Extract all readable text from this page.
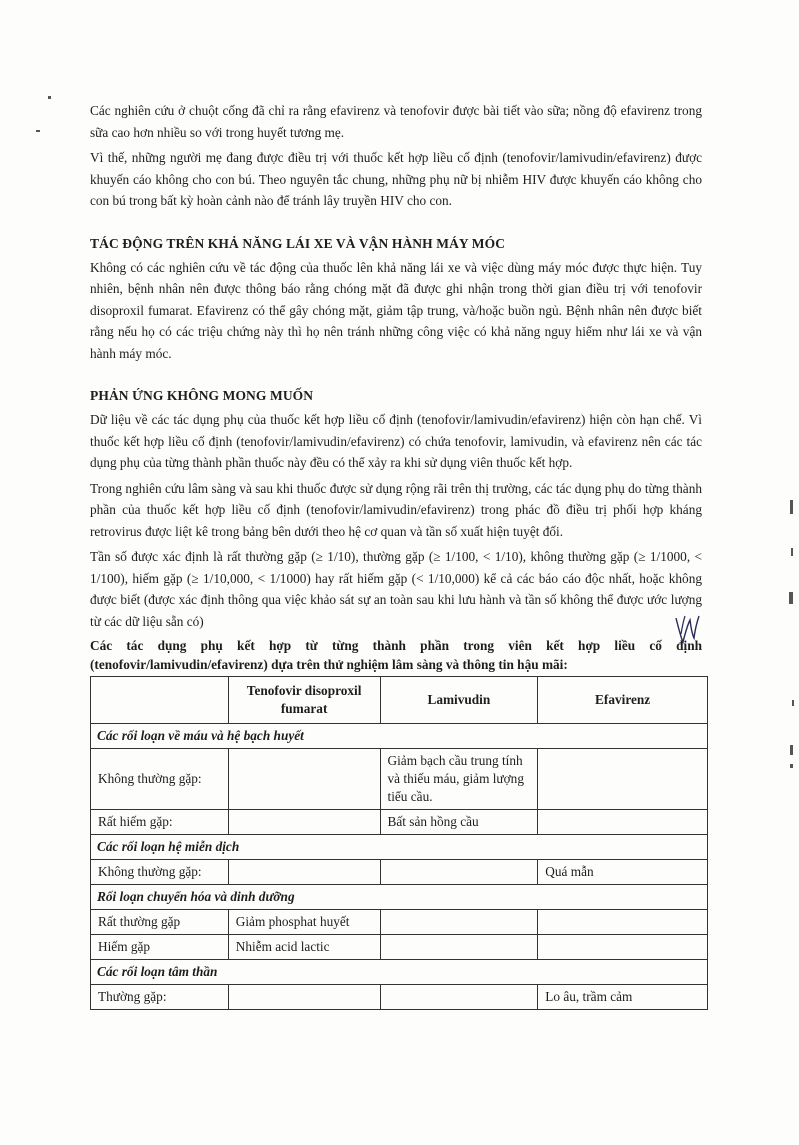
Các nghiên cứu ở chuột cống đã chỉ ra rằng efavirenz và tenofovir được bài tiết vào sữa; nồng độ efavirenz trong sữa cao hơn nhiều so với trong huyết tương mẹ.

Vì thế, những người mẹ đang được điều trị với thuốc kết hợp liều cố định (tenofovir/lamivudin/efavirenz) được khuyến cáo không cho con bú. Theo nguyên tắc chung, những phụ nữ bị nhiễm HIV được khuyến cáo không cho con bú trong bất kỳ hoàn cảnh nào để tránh lây truyền HIV cho con.

TÁC ĐỘNG TRÊN KHẢ NĂNG LÁI XE VÀ VẬN HÀNH MÁY MÓC

Không có các nghiên cứu về tác động của thuốc lên khả năng lái xe và việc dùng máy móc được thực hiện. Tuy nhiên, bệnh nhân nên được thông báo rằng chóng mặt đã được ghi nhận trong thời gian điều trị với tenofovir disoproxil fumarat. Efavirenz có thể gây chóng mặt, giảm tập trung, và/hoặc buồn ngủ. Bệnh nhân nên được biết rằng nếu họ có các triệu chứng này thì họ nên tránh những công việc có khả năng nguy hiểm như lái xe và vận hành máy móc.

PHẢN ỨNG KHÔNG MONG MUỐN

Dữ liệu về các tác dụng phụ của thuốc kết hợp liều cố định (tenofovir/lamivudin/efavirenz) hiện còn hạn chế. Vì thuốc kết hợp liều cố định (tenofovir/lamivudin/efavirenz) có chứa tenofovir, lamivudin, và efavirenz nên các tác dụng phụ của từng thành phần thuốc này đều có thể xảy ra khi sử dụng viên thuốc kết hợp.

Trong nghiên cứu lâm sàng và sau khi thuốc được sử dụng rộng rãi trên thị trường, các tác dụng phụ do từng thành phần của thuốc kết hợp liều cố định (tenofovir/lamivudin/efavirenz) trong phác đồ điều trị phối hợp kháng retrovirus được liệt kê trong bảng bên dưới theo hệ cơ quan và tần số xuất hiện tuyệt đối.

Tần số được xác định là rất thường gặp (≥ 1/10), thường gặp (≥ 1/100, < 1/10), không thường gặp (≥ 1/1000, < 1/100), hiếm gặp (≥ 1/10,000, < 1/1000) hay rất hiếm gặp (< 1/10,000) kể cả các báo cáo độc nhất, hoặc không được biết (được xác định thông qua việc khảo sát sự an toàn sau khi lưu hành và tần số không thể được ước lượng từ các dữ liệu sẵn có)

Các tác dụng phụ kết hợp từ từng thành phần trong viên kết hợp liều cố định (tenofovir/lamivudin/efavirenz) dựa trên thử nghiệm lâm sàng và thông tin hậu mãi:
	Tenofovir disoproxil fumarat	Lamivudin	Efavirenz
Các rối loạn về máu và hệ bạch huyết			
Không thường gặp:		Giảm bạch cầu trung tính và thiếu máu, giảm lượng tiểu cầu.	
Rất hiếm gặp:		Bất sản hồng cầu	
Các rối loạn hệ miễn dịch			
Không thường gặp:			Quá mẫn
Rối loạn chuyển hóa và dinh dưỡng			
Rất thường gặp	Giảm phosphat huyết		
Hiếm gặp	Nhiễm acid lactic		
Các rối loạn tâm thần			
Thường gặp:			Lo âu, trầm cảm
